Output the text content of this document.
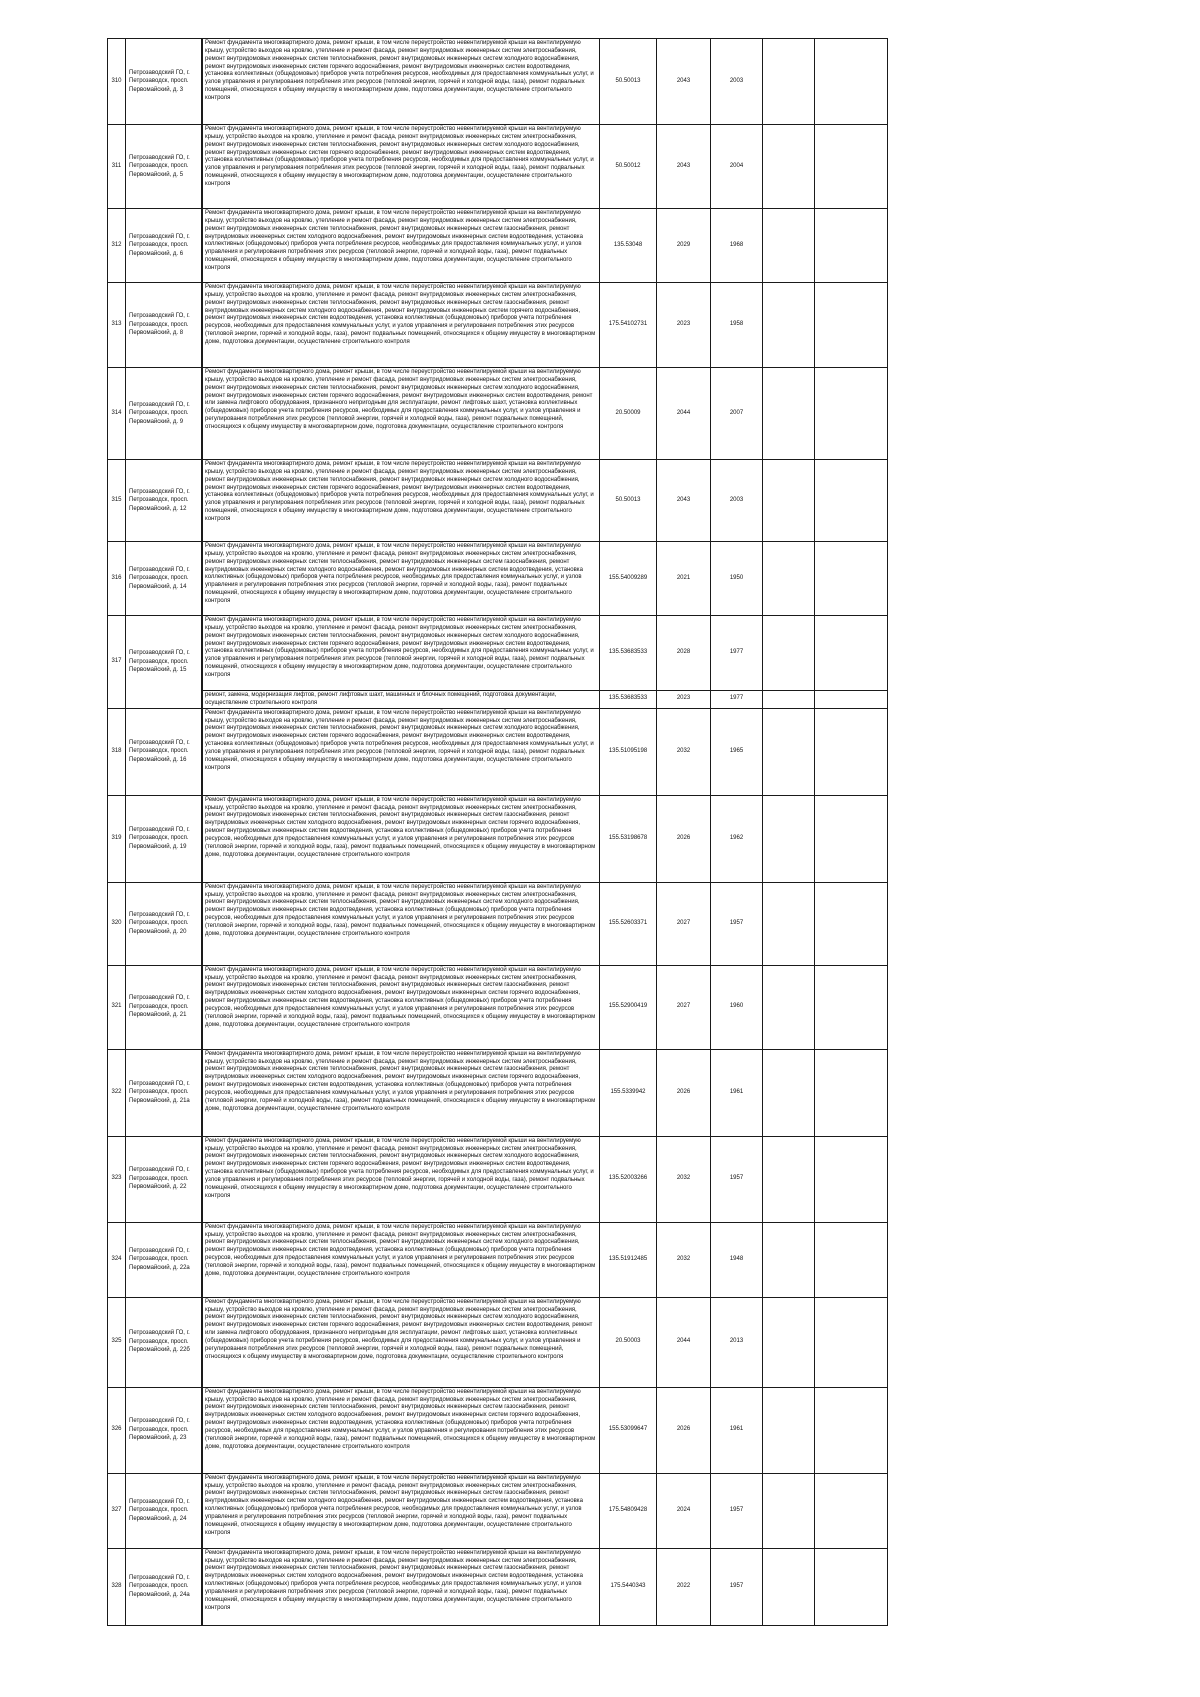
310	Петрозаводский ГО, г. Петрозаводск, просп. Первомайский, д. 3		Ремонт фундамента многоквартирного дома, ремонт крыши, в том числе переустройство невентилируемой крыши на вентилируемую крышу, устройство выходов на кровлю, утепление и ремонт фасада, ремонт внутридомовых инженерных систем электроснабжения, ремонт внутридомовых инженерных систем теплоснабжения, ремонт внутридомовых инженерных систем холодного водоснабжения, ремонт внутридомовых инженерных систем горячего водоснабжения, ремонт внутридомовых инженерных систем водоотведения, установка коллективных (общедомовых) приборов учета потребления ресурсов, необходимых для предоставления коммунальных услуг, и узлов управления и регулирования потребления этих ресурсов (тепловой энергии, горячей и холодной воды, газа), ремонт подвальных помещений, относящихся к общему имуществу в многоквартирном доме, подготовка документации, осуществление строительного контроля	50.50013	2043	2003		
311	Петрозаводский ГО, г. Петрозаводск, просп. Первомайский, д. 5		Ремонт фундамента многоквартирного дома, ремонт крыши, в том числе переустройство невентилируемой крыши на вентилируемую крышу, устройство выходов на кровлю, утепление и ремонт фасада, ремонт внутридомовых инженерных систем электроснабжения, ремонт внутридомовых инженерных систем теплоснабжения, ремонт внутридомовых инженерных систем холодного водоснабжения, ремонт внутридомовых инженерных систем горячего водоснабжения, ремонт внутридомовых инженерных систем водоотведения, установка коллективных (общедомовых) приборов учета потребления ресурсов, необходимых для предоставления коммунальных услуг, и узлов управления и регулирования потребления этих ресурсов (тепловой энергии, горячей и холодной воды, газа), ремонт подвальных помещений, относящихся к общему имуществу в многоквартирном доме, подготовка документации, осуществление строительного контроля	50.50012	2043	2004		
312	Петрозаводский ГО, г. Петрозаводск, просп. Первомайский, д. 6		Ремонт фундамента многоквартирного дома, ремонт крыши, в том числе переустройство невентилируемой крыши на вентилируемую крышу, устройство выходов на кровлю, утепление и ремонт фасада, ремонт внутридомовых инженерных систем электроснабжения, ремонт внутридомовых инженерных систем теплоснабжения, ремонт внутридомовых инженерных систем газоснабжения, ремонт внутридомовых инженерных систем холодного водоснабжения, ремонт внутридомовых инженерных систем водоотведения, установка коллективных (общедомовых) приборов учета потребления ресурсов, необходимых для предоставления коммунальных услуг, и узлов управления и регулирования потребления этих ресурсов (тепловой энергии, горячей и холодной воды, газа), ремонт подвальных помещений, относящихся к общему имуществу в многоквартирном доме, подготовка документации, осуществление строительного контроля	135.53048	2029	1968		
313	Петрозаводский ГО, г. Петрозаводск, просп. Первомайский, д. 8		Ремонт фундамента многоквартирного дома, ремонт крыши, в том числе переустройство невентилируемой крыши на вентилируемую крышу, устройство выходов на кровлю, утепление и ремонт фасада, ремонт внутридомовых инженерных систем электроснабжения, ремонт внутридомовых инженерных систем теплоснабжения, ремонт внутридомовых инженерных систем газоснабжения, ремонт внутридомовых инженерных систем холодного водоснабжения, ремонт внутридомовых инженерных систем горячего водоснабжения, ремонт внутридомовых инженерных систем водоотведения, установка коллективных (общедомовых) приборов учета потребления ресурсов, необходимых для предоставления коммунальных услуг, и узлов управления и регулирования потребления этих ресурсов (тепловой энергии, горячей и холодной воды, газа), ремонт подвальных помещений, относящихся к общему имуществу в многоквартирном доме, подготовка документации, осуществление строительного контроля	175.54102731	2023	1958		
314	Петрозаводский ГО, г. Петрозаводск, просп. Первомайский, д. 9		Ремонт фундамента многоквартирного дома, ремонт крыши, в том числе переустройство невентилируемой крыши на вентилируемую крышу, устройство выходов на кровлю, утепление и ремонт фасада, ремонт внутридомовых инженерных систем электроснабжения, ремонт внутридомовых инженерных систем теплоснабжения, ремонт внутридомовых инженерных систем холодного водоснабжения, ремонт внутридомовых инженерных систем горячего водоснабжения, ремонт внутридомовых инженерных систем водоотведения, ремонт или замена лифтового оборудования, признанного непригодным для эксплуатации, ремонт лифтовых шахт, установка коллективных (общедомовых) приборов учета потребления ресурсов, необходимых для предоставления коммунальных услуг, и узлов управления и регулирования потребления этих ресурсов (тепловой энергии, горячей и холодной воды, газа), ремонт подвальных помещений, относящихся к общему имуществу в многоквартирном доме, подготовка документации, осуществление строительного контроля	20.50009	2044	2007		
315	Петрозаводский ГО, г. Петрозаводск, просп. Первомайский, д. 12		Ремонт фундамента многоквартирного дома, ремонт крыши, в том числе переустройство невентилируемой крыши на вентилируемую крышу, устройство выходов на кровлю, утепление и ремонт фасада, ремонт внутридомовых инженерных систем электроснабжения, ремонт внутридомовых инженерных систем теплоснабжения, ремонт внутридомовых инженерных систем холодного водоснабжения, ремонт внутридомовых инженерных систем горячего водоснабжения, ремонт внутридомовых инженерных систем водоотведения, установка коллективных (общедомовых) приборов учета потребления ресурсов, необходимых для предоставления коммунальных услуг, и узлов управления и регулирования потребления этих ресурсов (тепловой энергии, горячей и холодной воды, газа), ремонт подвальных помещений, относящихся к общему имуществу в многоквартирном доме, подготовка документации, осуществление строительного контроля	50.50013	2043	2003		
316	Петрозаводский ГО, г. Петрозаводск, просп. Первомайский, д. 14		Ремонт фундамента многоквартирного дома, ремонт крыши, в том числе переустройство невентилируемой крыши на вентилируемую крышу, устройство выходов на кровлю, утепление и ремонт фасада, ремонт внутридомовых инженерных систем электроснабжения, ремонт внутридомовых инженерных систем теплоснабжения, ремонт внутридомовых инженерных систем газоснабжения, ремонт внутридомовых инженерных систем холодного водоснабжения, ремонт внутридомовых инженерных систем водоотведения, установка коллективных (общедомовых) приборов учета потребления ресурсов, необходимых для предоставления коммунальных услуг, и узлов управления и регулирования потребления этих ресурсов (тепловой энергии, горячей и холодной воды, газа), ремонт подвальных помещений, относящихся к общему имуществу в многоквартирном доме, подготовка документации, осуществление строительного контроля	155.54009289	2021	1950		
317	Петрозаводский ГО, г. Петрозаводск, просп. Первомайский, д. 15		Ремонт фундамента многоквартирного дома, ремонт крыши, в том числе переустройство невентилируемой крыши на вентилируемую крышу, устройство выходов на кровлю, утепление и ремонт фасада, ремонт внутридомовых инженерных систем электроснабжения, ремонт внутридомовых инженерных систем теплоснабжения, ремонт внутридомовых инженерных систем холодного водоснабжения, ремонт внутридомовых инженерных систем горячего водоснабжения, ремонт внутридомовых инженерных систем водоотведения, установка коллективных (общедомовых) приборов учета потребления ресурсов, необходимых для предоставления коммунальных услуг, и узлов управления и регулирования потребления этих ресурсов (тепловой энергии, горячей и холодной воды, газа), ремонт подвальных помещений, относящихся к общему имуществу в многоквартирном доме, подготовка документации, осуществление строительного контроля	135.53683533	2028	1977		
		ремонт, замена, модернизация лифтов, ремонт лифтовых шахт, машинных и блочных помещений, подготовка документации, осуществление строительного контроля	135.53683533	2023	1977		
318	Петрозаводский ГО, г. Петрозаводск, просп. Первомайский, д. 16		Ремонт фундамента многоквартирного дома, ремонт крыши, в том числе переустройство невентилируемой крыши на вентилируемую крышу, устройство выходов на кровлю, утепление и ремонт фасада, ремонт внутридомовых инженерных систем электроснабжения, ремонт внутридомовых инженерных систем теплоснабжения, ремонт внутридомовых инженерных систем холодного водоснабжения, ремонт внутридомовых инженерных систем горячего водоснабжения, ремонт внутридомовых инженерных систем водоотведения, установка коллективных (общедомовых) приборов учета потребления ресурсов, необходимых для предоставления коммунальных услуг, и узлов управления и регулирования потребления этих ресурсов (тепловой энергии, горячей и холодной воды, газа), ремонт подвальных помещений, относящихся к общему имуществу в многоквартирном доме, подготовка документации, осуществление строительного контроля	135.51095198	2032	1965		
319	Петрозаводский ГО, г. Петрозаводск, просп. Первомайский, д. 19		Ремонт фундамента многоквартирного дома, ремонт крыши, в том числе переустройство невентилируемой крыши на вентилируемую крышу, устройство выходов на кровлю, утепление и ремонт фасада, ремонт внутридомовых инженерных систем электроснабжения, ремонт внутридомовых инженерных систем теплоснабжения, ремонт внутридомовых инженерных систем газоснабжения, ремонт внутридомовых инженерных систем холодного водоснабжения, ремонт внутридомовых инженерных систем горячего водоснабжения, ремонт внутридомовых инженерных систем водоотведения, установка коллективных (общедомовых) приборов учета потребления ресурсов, необходимых для предоставления коммунальных услуг, и узлов управления и регулирования потребления этих ресурсов (тепловой энергии, горячей и холодной воды, газа), ремонт подвальных помещений, относящихся к общему имуществу в многоквартирном доме, подготовка документации, осуществление строительного контроля	155.53198678	2026	1962		
320	Петрозаводский ГО, г. Петрозаводск, просп. Первомайский, д. 20		Ремонт фундамента многоквартирного дома, ремонт крыши, в том числе переустройство невентилируемой крыши на вентилируемую крышу, устройство выходов на кровлю, утепление и ремонт фасада, ремонт внутридомовых инженерных систем электроснабжения, ремонт внутридомовых инженерных систем теплоснабжения, ремонт внутридомовых инженерных систем холодного водоснабжения, ремонт внутридомовых инженерных систем водоотведения, установка коллективных (общедомовых) приборов учета потребления ресурсов, необходимых для предоставления коммунальных услуг, и узлов управления и регулирования потребления этих ресурсов (тепловой энергии, горячей и холодной воды, газа), ремонт подвальных помещений, относящихся к общему имуществу в многоквартирном доме, подготовка документации, осуществление строительного контроля	155.52603371	2027	1957		
321	Петрозаводский ГО, г. Петрозаводск, просп. Первомайский, д. 21		Ремонт фундамента многоквартирного дома, ремонт крыши, в том числе переустройство невентилируемой крыши на вентилируемую крышу, устройство выходов на кровлю, утепление и ремонт фасада, ремонт внутридомовых инженерных систем электроснабжения, ремонт внутридомовых инженерных систем теплоснабжения, ремонт внутридомовых инженерных систем газоснабжения, ремонт внутридомовых инженерных систем холодного водоснабжения, ремонт внутридомовых инженерных систем горячего водоснабжения, ремонт внутридомовых инженерных систем водоотведения, установка коллективных (общедомовых) приборов учета потребления ресурсов, необходимых для предоставления коммунальных услуг, и узлов управления и регулирования потребления этих ресурсов (тепловой энергии, горячей и холодной воды, газа), ремонт подвальных помещений, относящихся к общему имуществу в многоквартирном доме, подготовка документации, осуществление строительного контроля	155.52900419	2027	1960		
322	Петрозаводский ГО, г. Петрозаводск, просп. Первомайский, д. 21а		Ремонт фундамента многоквартирного дома, ремонт крыши, в том числе переустройство невентилируемой крыши на вентилируемую крышу, устройство выходов на кровлю, утепление и ремонт фасада, ремонт внутридомовых инженерных систем электроснабжения, ремонт внутридомовых инженерных систем теплоснабжения, ремонт внутридомовых инженерных систем газоснабжения, ремонт внутридомовых инженерных систем холодного водоснабжения, ремонт внутридомовых инженерных систем горячего водоснабжения, ремонт внутридомовых инженерных систем водоотведения, установка коллективных (общедомовых) приборов учета потребления ресурсов, необходимых для предоставления коммунальных услуг, и узлов управления и регулирования потребления этих ресурсов (тепловой энергии, горячей и холодной воды, газа), ремонт подвальных помещений, относящихся к общему имуществу в многоквартирном доме, подготовка документации, осуществление строительного контроля	155.5339942	2026	1961		
323	Петрозаводский ГО, г. Петрозаводск, просп. Первомайский, д. 22		Ремонт фундамента многоквартирного дома, ремонт крыши, в том числе переустройство невентилируемой крыши на вентилируемую крышу, устройство выходов на кровлю, утепление и ремонт фасада, ремонт внутридомовых инженерных систем электроснабжения, ремонт внутридомовых инженерных систем теплоснабжения, ремонт внутридомовых инженерных систем холодного водоснабжения, ремонт внутридомовых инженерных систем горячего водоснабжения, ремонт внутридомовых инженерных систем водоотведения, установка коллективных (общедомовых) приборов учета потребления ресурсов, необходимых для предоставления коммунальных услуг, и узлов управления и регулирования потребления этих ресурсов (тепловой энергии, горячей и холодной воды, газа), ремонт подвальных помещений, относящихся к общему имуществу в многоквартирном доме, подготовка документации, осуществление строительного контроля	135.52003266	2032	1957		
324	Петрозаводский ГО, г. Петрозаводск, просп. Первомайский, д. 22а		Ремонт фундамента многоквартирного дома, ремонт крыши, в том числе переустройство невентилируемой крыши на вентилируемую крышу, устройство выходов на кровлю, утепление и ремонт фасада, ремонт внутридомовых инженерных систем электроснабжения, ремонт внутридомовых инженерных систем теплоснабжения, ремонт внутридомовых инженерных систем холодного водоснабжения, ремонт внутридомовых инженерных систем водоотведения, установка коллективных (общедомовых) приборов учета потребления ресурсов, необходимых для предоставления коммунальных услуг, и узлов управления и регулирования потребления этих ресурсов (тепловой энергии, горячей и холодной воды, газа), ремонт подвальных помещений, относящихся к общему имуществу в многоквартирном доме, подготовка документации, осуществление строительного контроля	135.51912485	2032	1948		
325	Петрозаводский ГО, г. Петрозаводск, просп. Первомайский, д. 22б		Ремонт фундамента многоквартирного дома, ремонт крыши, в том числе переустройство невентилируемой крыши на вентилируемую крышу, устройство выходов на кровлю, утепление и ремонт фасада, ремонт внутридомовых инженерных систем электроснабжения, ремонт внутридомовых инженерных систем теплоснабжения, ремонт внутридомовых инженерных систем холодного водоснабжения, ремонт внутридомовых инженерных систем горячего водоснабжения, ремонт внутридомовых инженерных систем водоотведения, ремонт или замена лифтового оборудования, признанного непригодным для эксплуатации, ремонт лифтовых шахт, установка коллективных (общедомовых) приборов учета потребления ресурсов, необходимых для предоставления коммунальных услуг, и узлов управления и регулирования потребления этих ресурсов (тепловой энергии, горячей и холодной воды, газа), ремонт подвальных помещений, относящихся к общему имуществу в многоквартирном доме, подготовка документации, осуществление строительного контроля	20.50003	2044	2013		
326	Петрозаводский ГО, г. Петрозаводск, просп. Первомайский, д. 23		Ремонт фундамента многоквартирного дома, ремонт крыши, в том числе переустройство невентилируемой крыши на вентилируемую крышу, устройство выходов на кровлю, утепление и ремонт фасада, ремонт внутридомовых инженерных систем электроснабжения, ремонт внутридомовых инженерных систем теплоснабжения, ремонт внутридомовых инженерных систем газоснабжения, ремонт внутридомовых инженерных систем холодного водоснабжения, ремонт внутридомовых инженерных систем горячего водоснабжения, ремонт внутридомовых инженерных систем водоотведения, установка коллективных (общедомовых) приборов учета потребления ресурсов, необходимых для предоставления коммунальных услуг, и узлов управления и регулирования потребления этих ресурсов (тепловой энергии, горячей и холодной воды, газа), ремонт подвальных помещений, относящихся к общему имуществу в многоквартирном доме, подготовка документации, осуществление строительного контроля	155.53099647	2026	1961		
327	Петрозаводский ГО, г. Петрозаводск, просп. Первомайский, д. 24		Ремонт фундамента многоквартирного дома, ремонт крыши, в том числе переустройство невентилируемой крыши на вентилируемую крышу, устройство выходов на кровлю, утепление и ремонт фасада, ремонт внутридомовых инженерных систем электроснабжения, ремонт внутридомовых инженерных систем теплоснабжения, ремонт внутридомовых инженерных систем газоснабжения, ремонт внутридомовых инженерных систем холодного водоснабжения, ремонт внутридомовых инженерных систем водоотведения, установка коллективных (общедомовых) приборов учета потребления ресурсов, необходимых для предоставления коммунальных услуг, и узлов управления и регулирования потребления этих ресурсов (тепловой энергии, горячей и холодной воды, газа), ремонт подвальных помещений, относящихся к общему имуществу в многоквартирном доме, подготовка документации, осуществление строительного контроля	175.54809428	2024	1957		
328	Петрозаводский ГО, г. Петрозаводск, просп. Первомайский, д. 24а		Ремонт фундамента многоквартирного дома, ремонт крыши, в том числе переустройство невентилируемой крыши на вентилируемую крышу, устройство выходов на кровлю, утепление и ремонт фасада, ремонт внутридомовых инженерных систем электроснабжения, ремонт внутридомовых инженерных систем теплоснабжения, ремонт внутридомовых инженерных систем газоснабжения, ремонт внутридомовых инженерных систем холодного водоснабжения, ремонт внутридомовых инженерных систем водоотведения, установка коллективных (общедомовых) приборов учета потребления ресурсов, необходимых для предоставления коммунальных услуг, и узлов управления и регулирования потребления этих ресурсов (тепловой энергии, горячей и холодной воды, газа), ремонт подвальных помещений, относящихся к общему имуществу в многоквартирном доме, подготовка документации, осуществление строительного контроля	175.5440343	2022	1957		
